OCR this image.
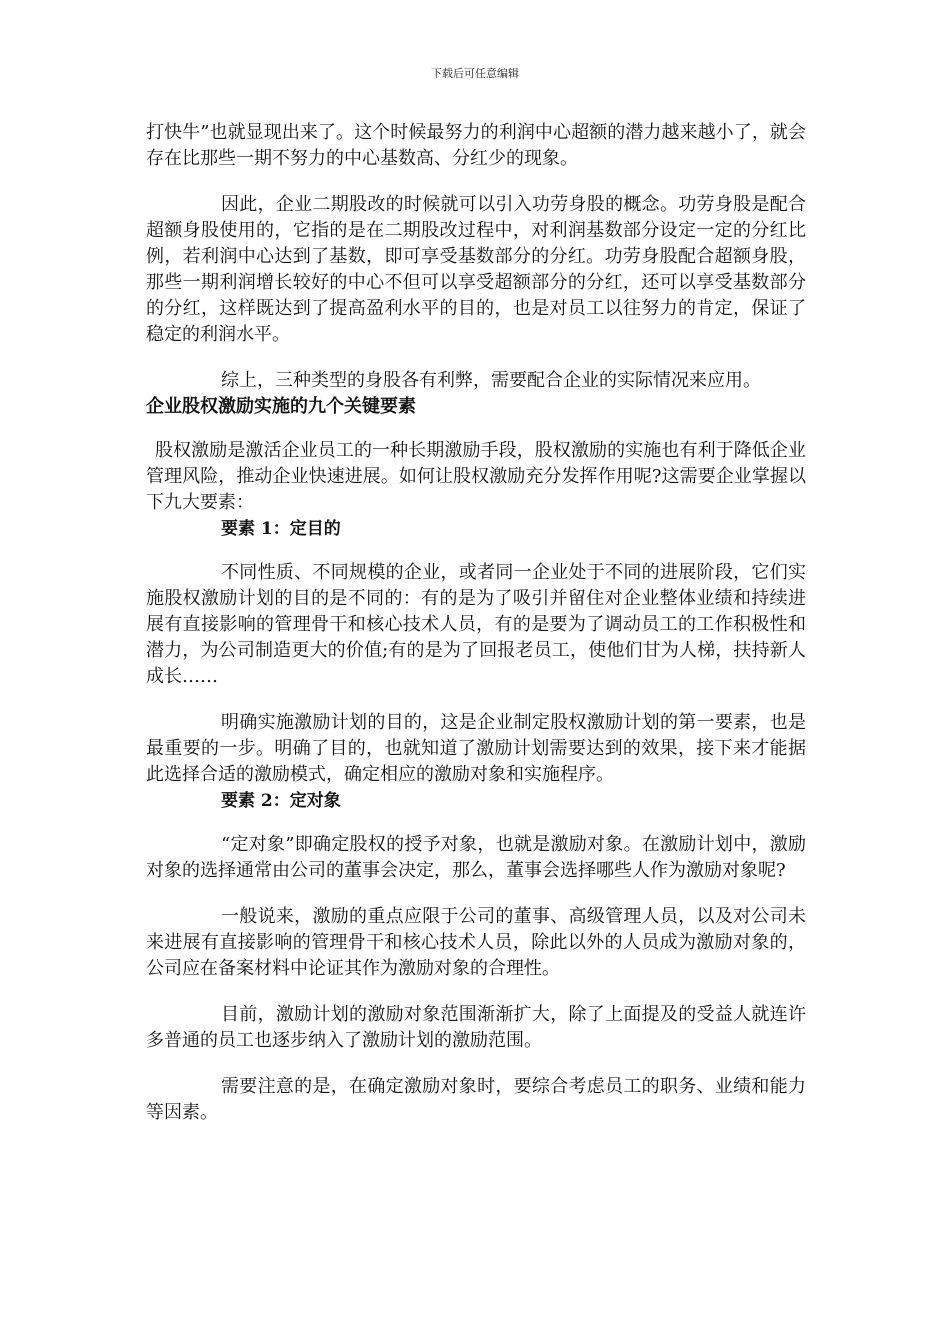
下载后可任意编辑

打快牛”也就显现出来了。这个时候最努力的利润中心超额的潜力越来越小了，就会存在比那些一期不努力的中心基数高、分红少的现象。

因此，企业二期股改的时候就可以引入功劳身股的概念。功劳身股是配合超额身股使用的，它指的是在二期股改过程中，对利润基数部分设定一定的分红比例，若利润中心达到了基数，即可享受基数部分的分红。功劳身股配合超额身股，那些一期利润增长较好的中心不但可以享受超额部分的分红，还可以享受基数部分的分红，这样既达到了提高盈利水平的目的，也是对员工以往努力的肯定，保证了稳定的利润水平。

综上，三种类型的身股各有利弊，需要配合企业的实际情况来应用。

企业股权激励实施的九个关键要素

股权激励是激活企业员工的一种长期激励手段，股权激励的实施也有利于降低企业管理风险，推动企业快速进展。如何让股权激励充分发挥作用呢?这需要企业掌握以下九大要素：

要素 1：定目的

不同性质、不同规模的企业，或者同一企业处于不同的进展阶段，它们实施股权激励计划的目的是不同的：有的是为了吸引并留住对企业整体业绩和持续进展有直接影响的管理骨干和核心技术人员，有的是要为了调动员工的工作积极性和潜力，为公司制造更大的价值;有的是为了回报老员工，使他们甘为人梯，扶持新人成长……

明确实施激励计划的目的，这是企业制定股权激励计划的第一要素，也是最重要的一步。明确了目的，也就知道了激励计划需要达到的效果，接下来才能据此选择合适的激励模式，确定相应的激励对象和实施程序。

要素 2：定对象

“定对象”即确定股权的授予对象，也就是激励对象。在激励计划中，激励对象的选择通常由公司的董事会决定，那么，董事会选择哪些人作为激励对象呢?

一般说来，激励的重点应限于公司的董事、高级管理人员，以及对公司未来进展有直接影响的管理骨干和核心技术人员，除此以外的人员成为激励对象的，公司应在备案材料中论证其作为激励对象的合理性。

目前，激励计划的激励对象范围渐渐扩大，除了上面提及的受益人就连许多普通的员工也逐步纳入了激励计划的激励范围。

需要注意的是，在确定激励对象时，要综合考虑员工的职务、业绩和能力等因素。
